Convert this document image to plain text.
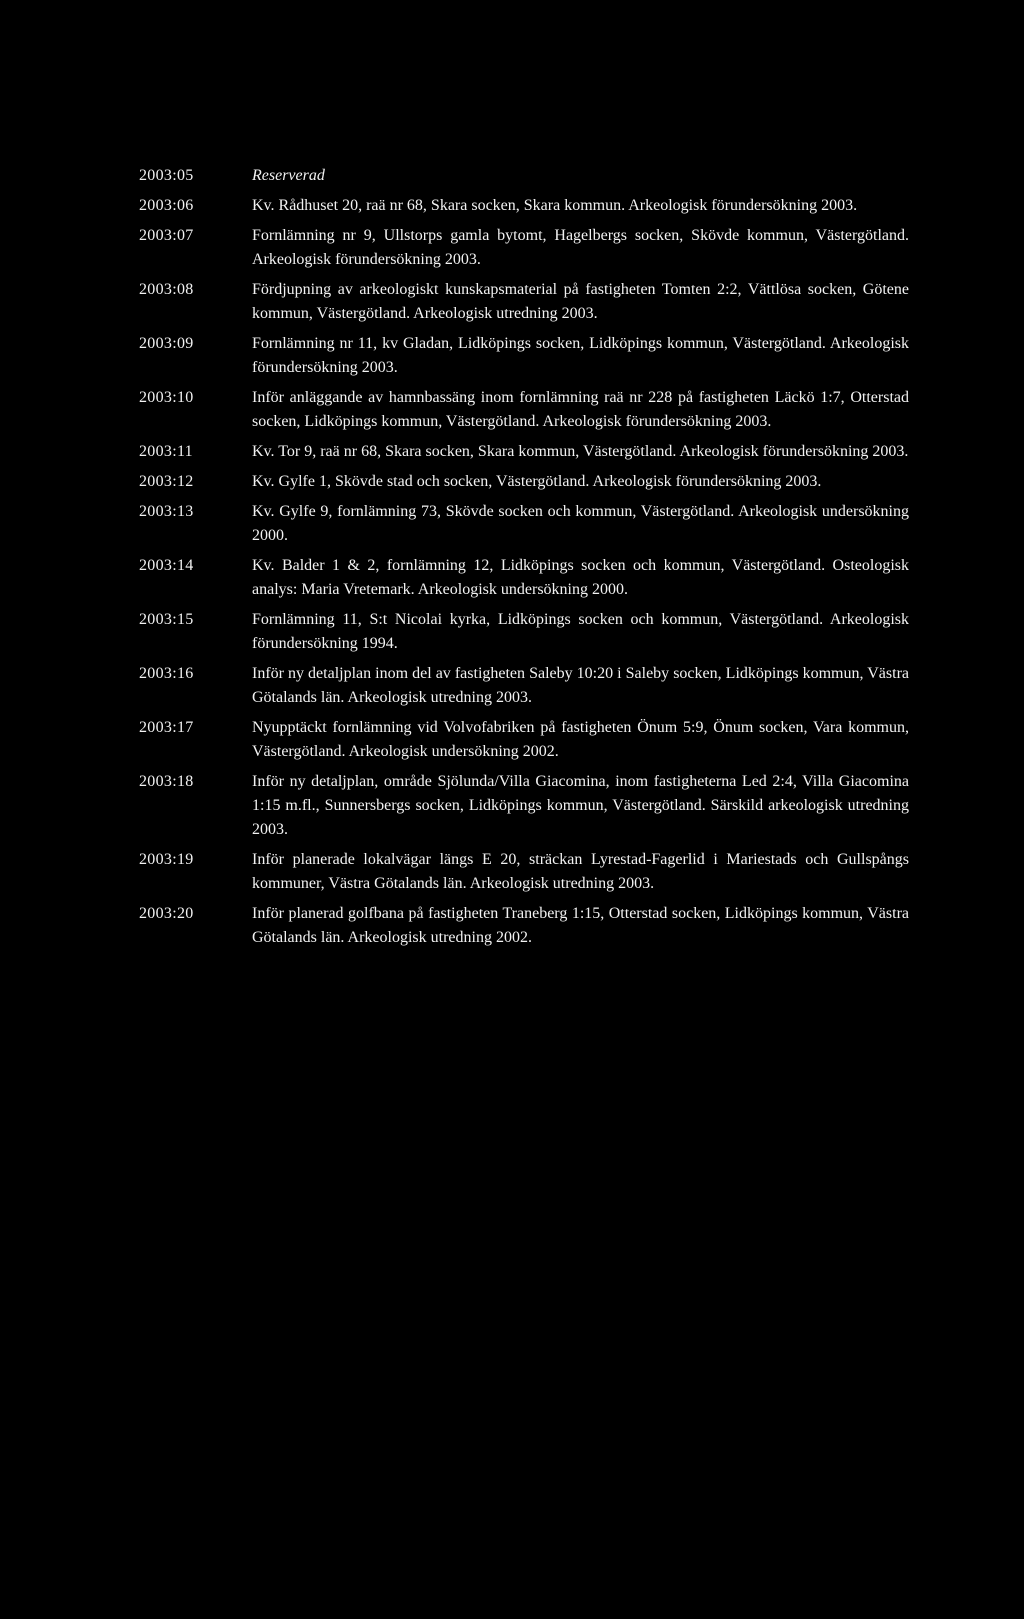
2003:05	Reserverad
2003:06	Kv. Rådhuset 20, raä nr 68, Skara socken, Skara kommun. Arkeologisk förundersökning 2003.
2003:07	Fornlämning nr 9, Ullstorps gamla bytomt, Hagelbergs socken, Skövde kommun, Västergötland. Arkeologisk förundersökning 2003.
2003:08	Fördjupning av arkeologiskt kunskapsmaterial på fastigheten Tomten 2:2, Vättlösa socken, Götene kommun, Västergötland. Arkeologisk utredning 2003.
2003:09	Fornlämning nr 11, kv Gladan, Lidköpings socken, Lidköpings kommun, Västergötland. Arkeologisk förundersökning 2003.
2003:10	Inför anläggande av hamnbassäng inom fornlämning raä nr 228 på fastigheten Läckö 1:7, Otterstad socken, Lidköpings kommun, Västergötland. Arkeologisk förundersökning 2003.
2003:11	Kv. Tor 9, raä nr 68, Skara socken, Skara kommun, Västergötland. Arkeologisk förundersökning 2003.
2003:12	Kv. Gylfe 1, Skövde stad och socken, Västergötland. Arkeologisk förundersökning 2003.
2003:13	Kv. Gylfe 9, fornlämning 73, Skövde socken och kommun, Västergötland. Arkeologisk undersökning 2000.
2003:14	Kv. Balder 1 & 2, fornlämning 12, Lidköpings socken och kommun, Västergötland. Osteologisk analys: Maria Vretemark. Arkeologisk undersökning 2000.
2003:15	Fornlämning 11, S:t Nicolai kyrka, Lidköpings socken och kommun, Västergötland. Arkeologisk förundersökning 1994.
2003:16	Inför ny detaljplan inom del av fastigheten Saleby 10:20 i Saleby socken, Lidköpings kommun, Västra Götalands län. Arkeologisk utredning 2003.
2003:17	Nyupptäckt fornlämning vid Volvofabriken på fastigheten Önum 5:9, Önum socken, Vara kommun, Västergötland. Arkeologisk undersökning 2002.
2003:18	Inför ny detaljplan, område Sjölunda/Villa Giacomina, inom fastigheterna Led 2:4, Villa Giacomina 1:15 m.fl., Sunnersbergs socken, Lidköpings kommun, Västergötland. Särskild arkeologisk utredning 2003.
2003:19	Inför planerade lokalvägar längs E 20, sträckan Lyrestad-Fagerlid i Mariestads och Gullspångs kommuner, Västra Götalands län. Arkeologisk utredning 2003.
2003:20	Inför planerad golfbana på fastigheten Traneberg 1:15, Otterstad socken, Lidköpings kommun, Västra Götalands län. Arkeologisk utredning 2002.
